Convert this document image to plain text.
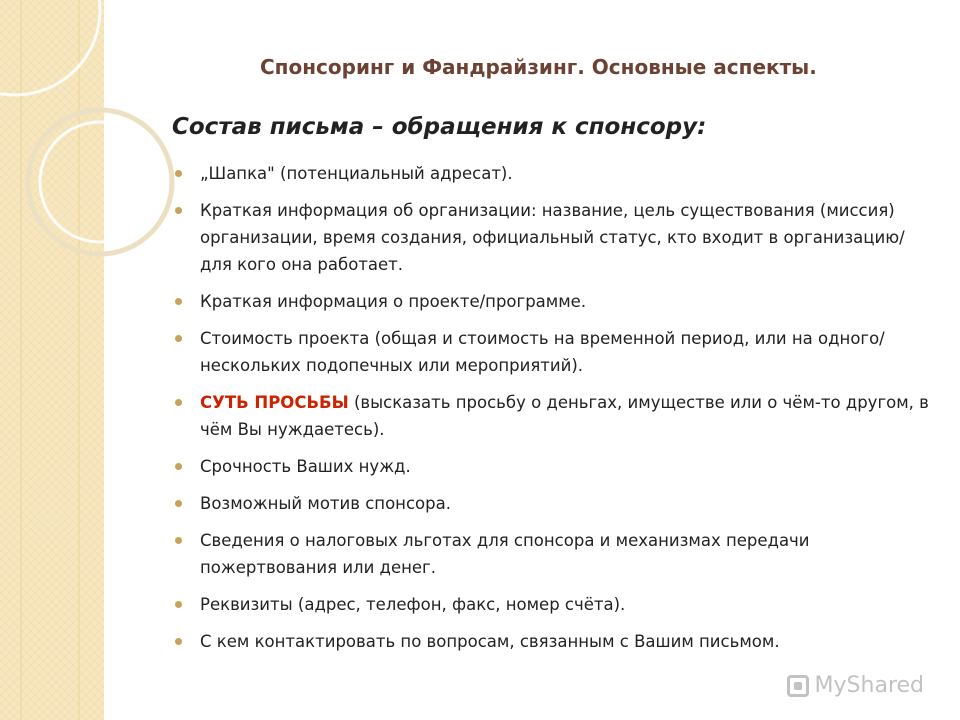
Спонсоринг и Фандрайзинг. Основные аспекты.
Состав письма – обращения к спонсору:
„Шапка" (потенциальный адресат).
Краткая информация об организации: название, цель существования (миссия) организации, время создания, официальный статус, кто входит в организацию/для кого она работает.
Краткая информация о проекте/программе.
Стоимость проекта (общая и стоимость на временной период, или на одного/нескольких подопечных или мероприятий).
СУТЬ ПРОСЬБЫ (высказать просьбу о деньгах, имуществе или о чём-то другом, в чём Вы нуждаетесь).
Срочность Ваших нужд.
Возможный мотив спонсора.
Сведения о налоговых льготах для спонсора и механизмах передачи пожертвования или денег.
Реквизиты (адрес, телефон, факс, номер счёта).
С кем контактировать по вопросам, связанным с Вашим письмом.
MyShared
